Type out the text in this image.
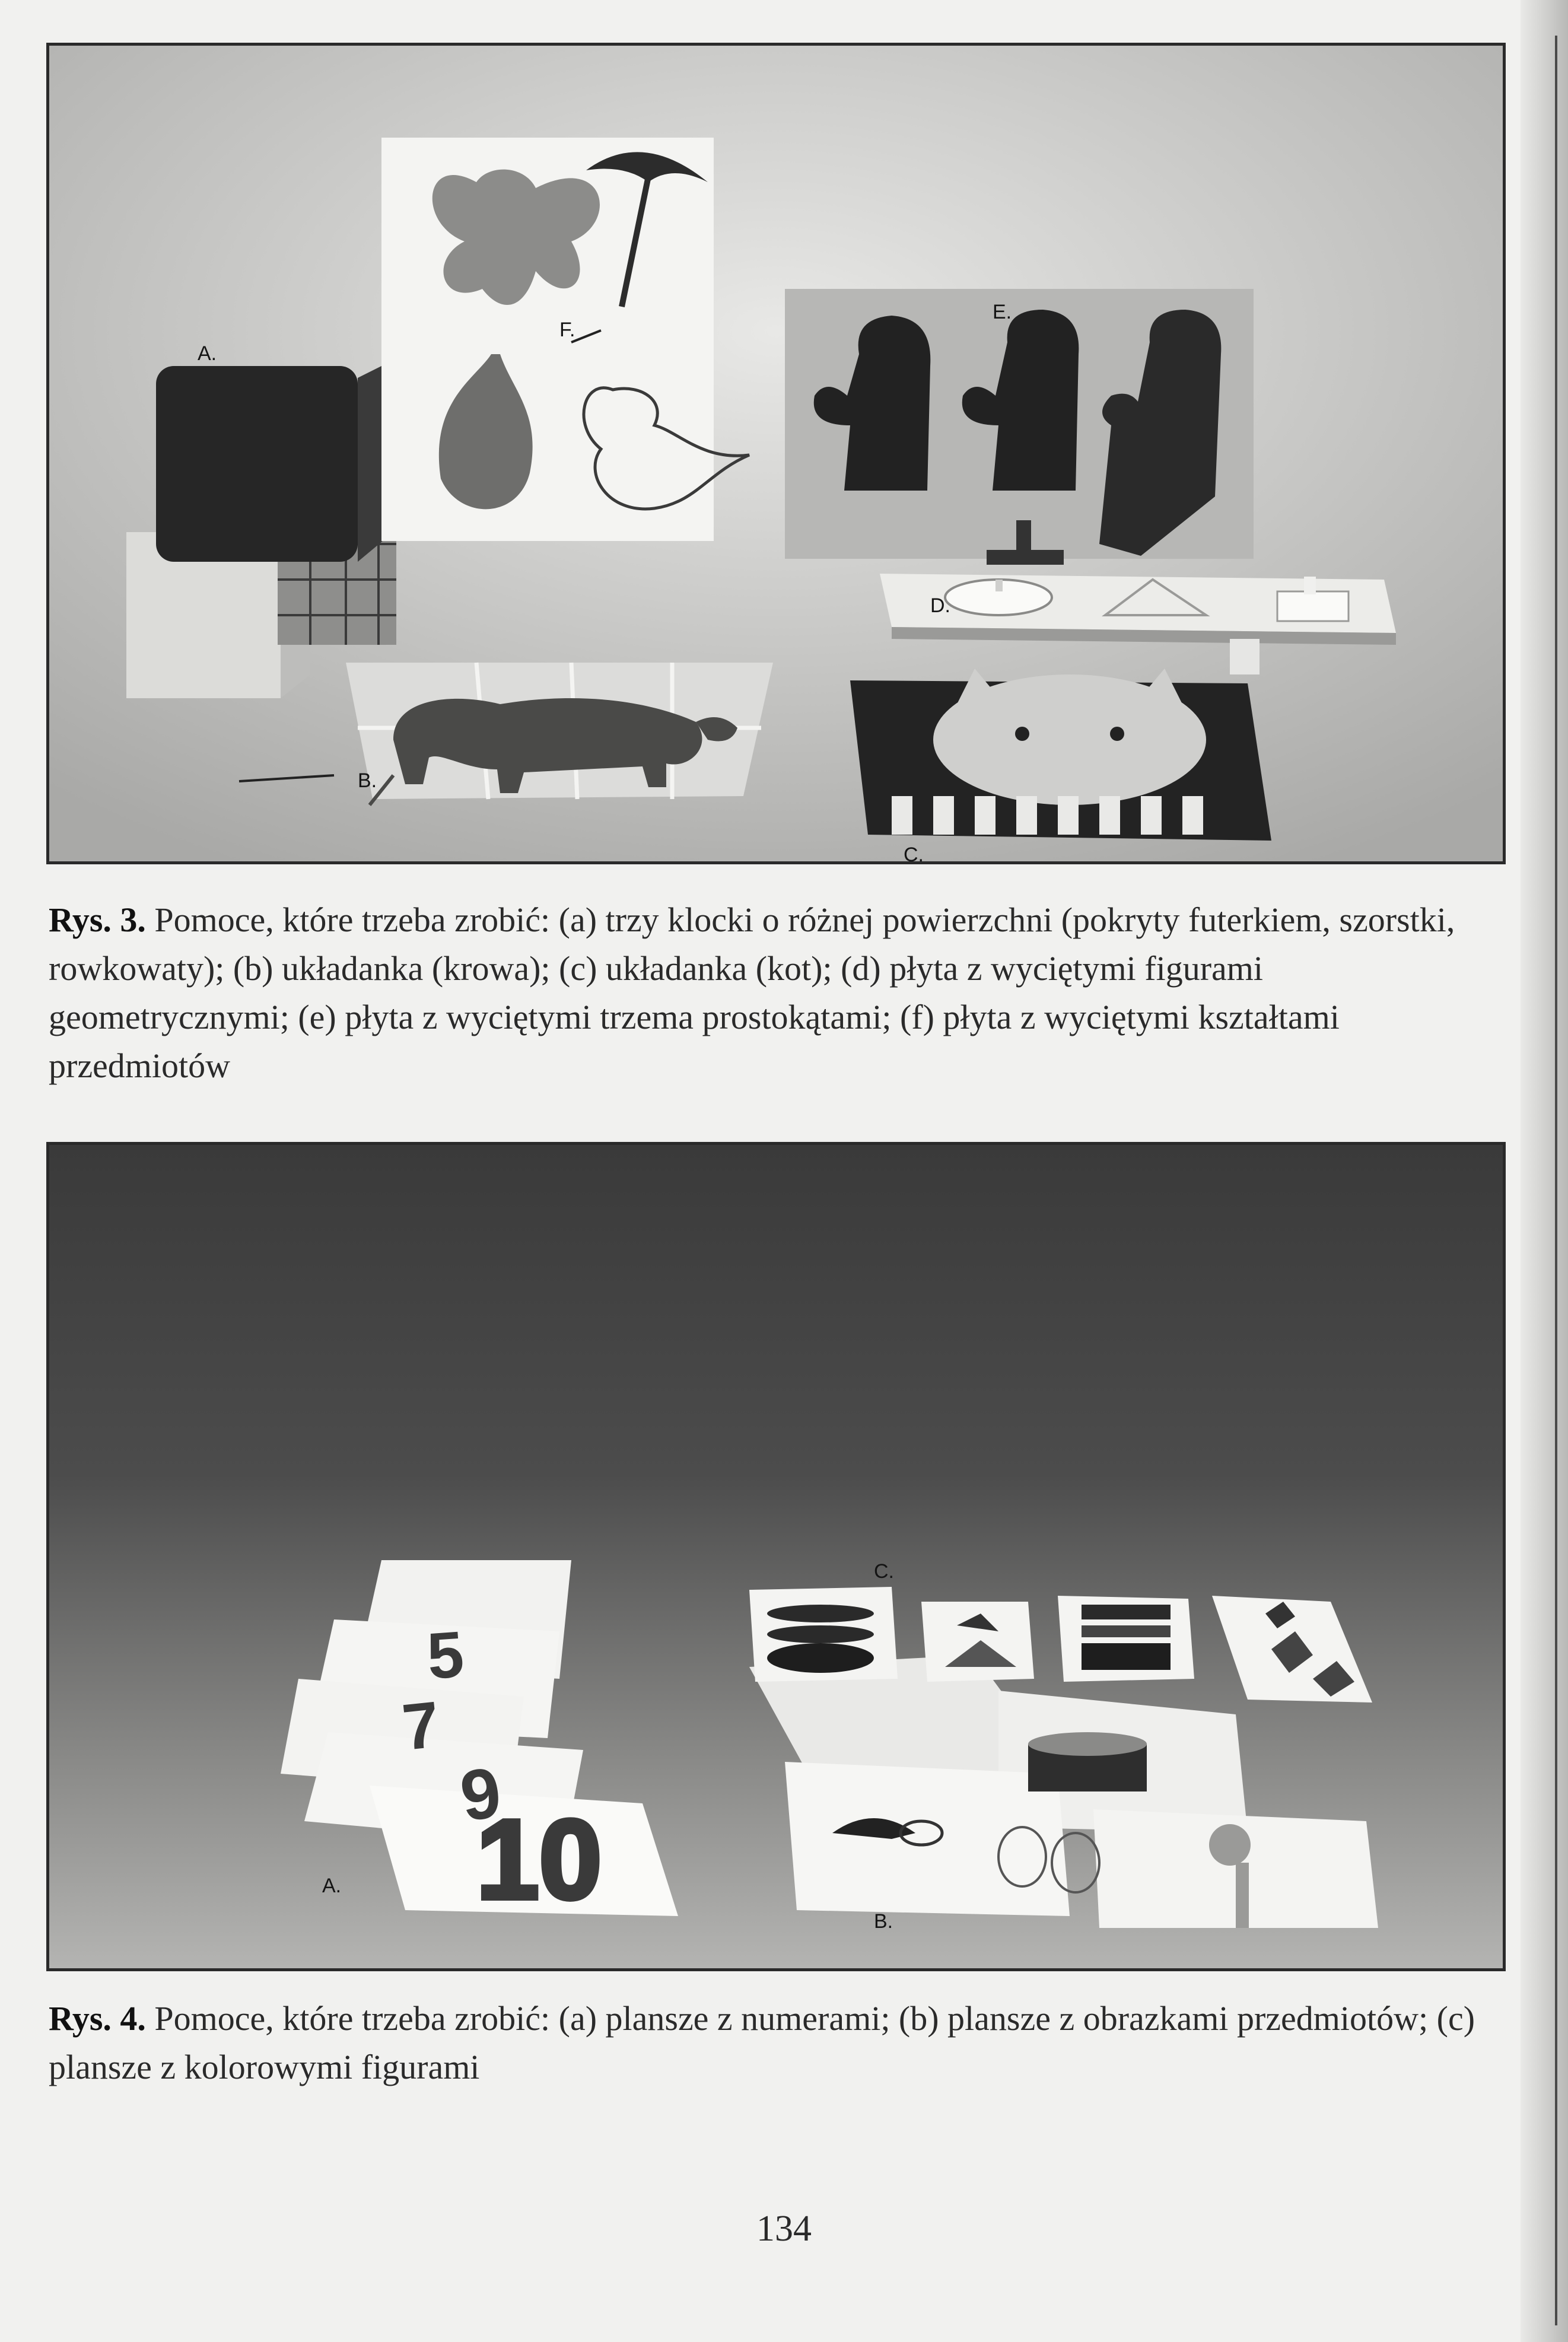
A.
B.
C.
D.
E.
F.
Rys. 3. Pomoce, które trzeba zrobić: (a) trzy klocki o różnej powierzchni (pokryty futerkiem, szorstki, rowkowaty); (b) układanka (krowa); (c) układanka (kot); (d) płyta z wyciętymi figurami geometrycznymi; (e) płyta z wyciętymi trzema prostokątami; (f) płyta z wyciętymi kształtami przedmiotów
10
9
7
5
A.
B.
C.
Rys. 4. Pomoce, które trzeba zrobić: (a) plansze z numerami; (b) plansze z obrazkami przedmiotów; (c) plansze z kolorowymi figurami
134
